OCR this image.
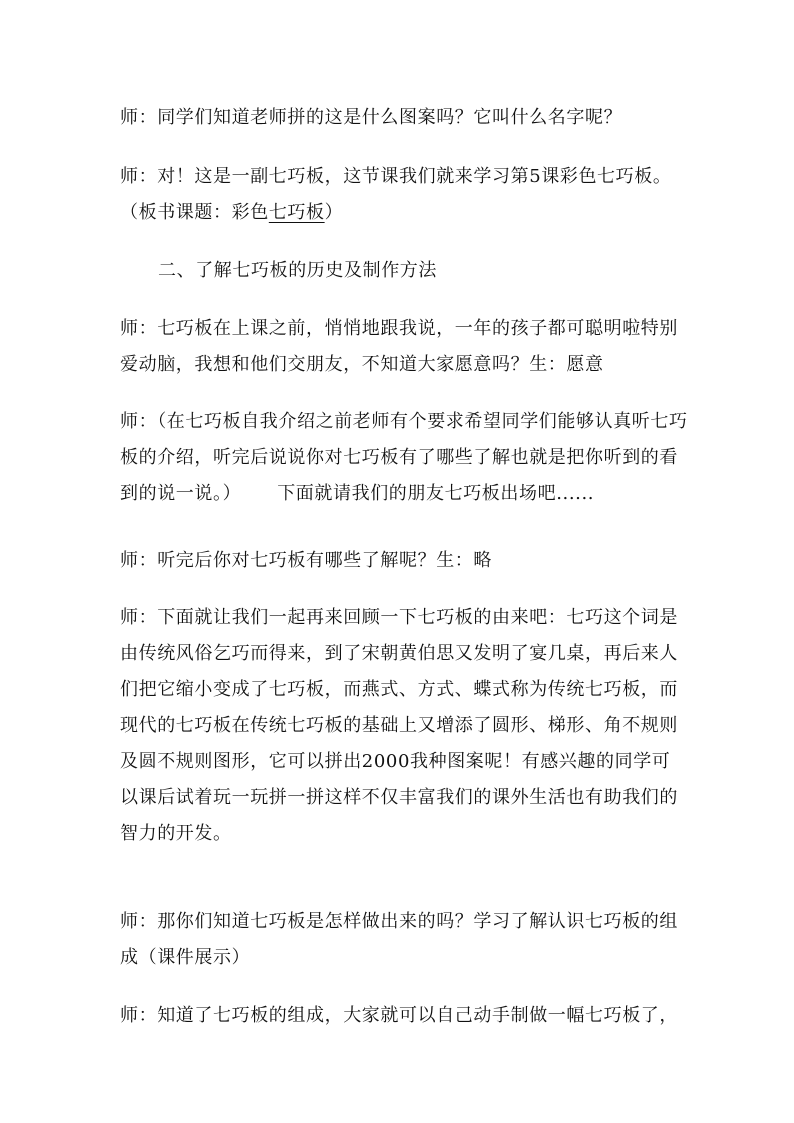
师：同学们知道老师拼的这是什么图案吗？它叫什么名字呢？

师：对！这是一副七巧板，这节课我们就来学习第5课彩色七巧板。
（板书课题：彩色七巧板）

二、了解七巧板的历史及制作方法

师：七巧板在上课之前，悄悄地跟我说，一年的孩子都可聪明啦特别爱动脑，我想和他们交朋友，不知道大家愿意吗？生：愿意

师：（在七巧板自我介绍之前老师有个要求希望同学们能够认真听七巧板的介绍，听完后说说你对七巧板有了哪些了解也就是把你听到的看到的说一说。） 下面就请我们的朋友七巧板出场吧......

师：听完后你对七巧板有哪些了解呢？生：略

师：下面就让我们一起再来回顾一下七巧板的由来吧：七巧这个词是由传统风俗乞巧而得来，到了宋朝黄伯思又发明了宴几桌，再后来人们把它缩小变成了七巧板，而燕式、方式、蝶式称为传统七巧板，而现代的七巧板在传统七巧板的基础上又增添了圆形、梯形、角不规则及圆不规则图形，它可以拼出2000我种图案呢！有感兴趣的同学可以课后试着玩一玩拼一拼这样不仅丰富我们的课外生活也有助我们的智力的开发。

师：那你们知道七巧板是怎样做出来的吗？学习了解认识七巧板的组成（课件展示）

师：知道了七巧板的组成，大家就可以自己动手制做一幅七巧板了，
